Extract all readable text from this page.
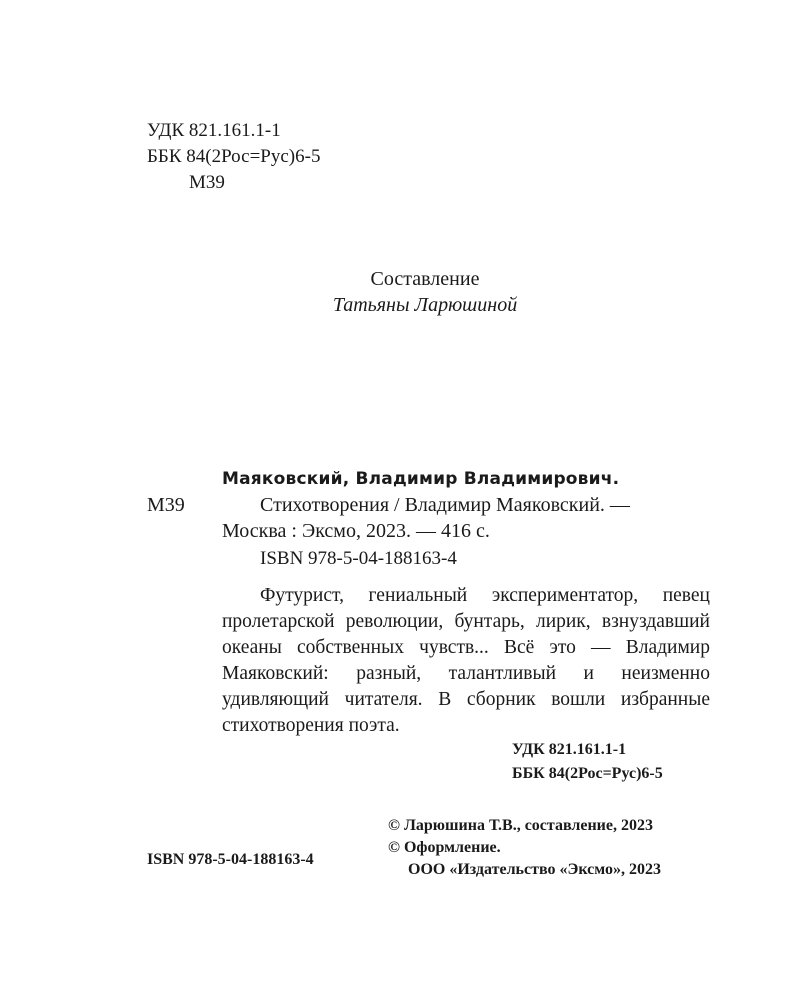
УДК 821.161.1-1
ББК 84(2Рос=Рус)6-5
М39
Составление
Татьяны Ларюшиной
М39
Маяковский, Владимир Владимирович.
Стихотворения / Владимир Маяковский. —
Москва : Эксмо, 2023. — 416 с.
ISBN 978-5-04-188163-4
Футурист, гениальный экспериментатор, певец пролетарской революции, бунтарь, лирик, взнуздавший океаны собственных чувств... Всё это — Владимир Маяковский: разный, талантливый и неизменно удивляющий читателя. В сборник вошли избранные стихотворения поэта.
УДК 821.161.1-1
ББК 84(2Рос=Рус)6-5
© Ларюшина Т.В., составление, 2023
© Оформление.
ООО «Издательство «Эксмо», 2023
ISBN 978-5-04-188163-4
